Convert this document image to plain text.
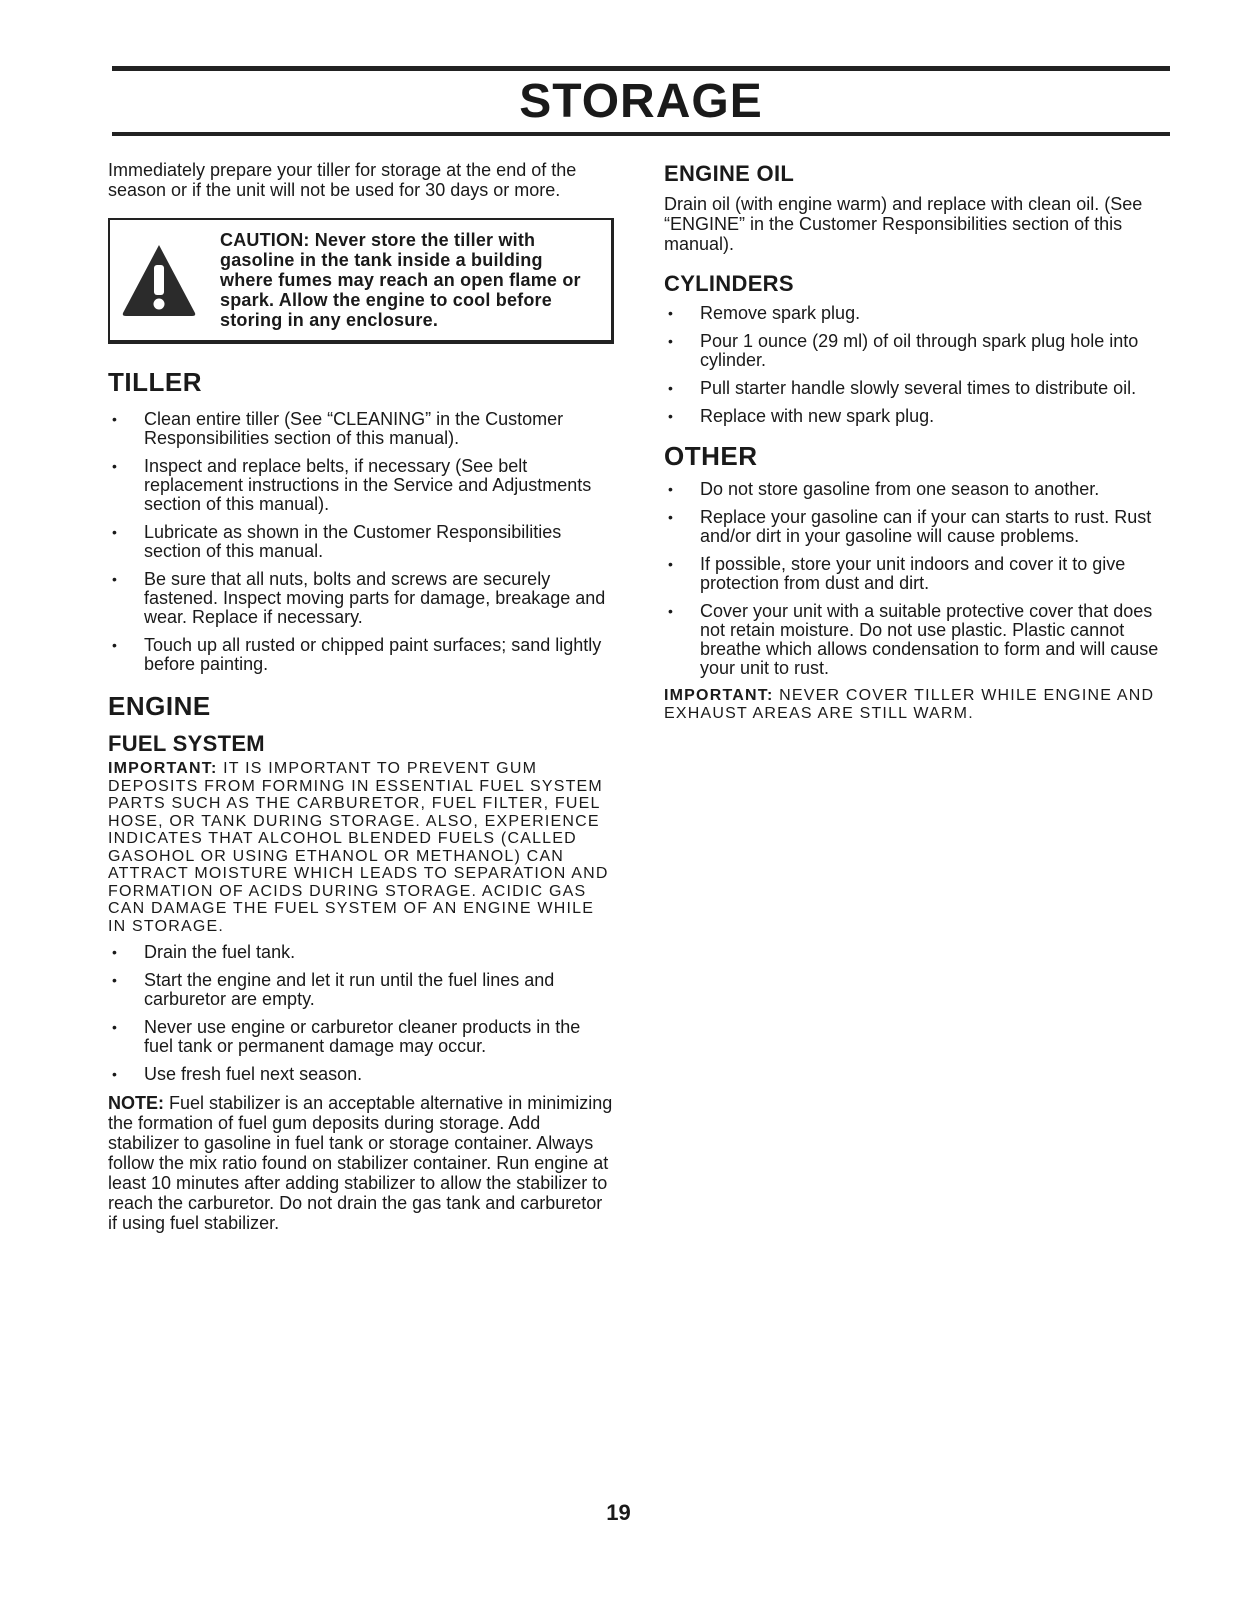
STORAGE

Immediately prepare your tiller for storage at the end of the season or if the unit will not be used for 30 days or more.

CAUTION: Never store the tiller with gasoline in the tank inside a building where fumes may reach an open flame or spark. Allow the engine to cool before storing in any enclosure.
TILLER
• Clean entire tiller (See “CLEANING” in the Customer Responsibilities section of this manual).
• Inspect and replace belts, if necessary (See belt replacement instructions in the Service and Adjustments section of this manual).
• Lubricate as shown in the Customer Responsibilities section of this manual.
• Be sure that all nuts, bolts and screws are securely fastened. Inspect moving parts for damage, breakage and wear. Replace if necessary.
• Touch up all rusted or chipped paint surfaces; sand lightly before painting.
ENGINE
FUEL SYSTEM

IMPORTANT: IT IS IMPORTANT TO PREVENT GUM DEPOSITS FROM FORMING IN ESSENTIAL FUEL SYSTEM PARTS SUCH AS THE CARBURETOR, FUEL FILTER, FUEL HOSE, OR TANK DURING STORAGE. ALSO, EXPERIENCE INDICATES THAT ALCOHOL BLENDED FUELS (CALLED GASOHOL OR USING ETHANOL OR METHANOL) CAN ATTRACT MOISTURE WHICH LEADS TO SEPARATION AND FORMATION OF ACIDS DURING STORAGE. ACIDIC GAS CAN DAMAGE THE FUEL SYSTEM OF AN ENGINE WHILE IN STORAGE.

• Drain the fuel tank.
• Start the engine and let it run until the fuel lines and carburetor are empty.
• Never use engine or carburetor cleaner products in the fuel tank or permanent damage may occur.
• Use fresh fuel next season.

NOTE: Fuel stabilizer is an acceptable alternative in minimizing the formation of fuel gum deposits during storage. Add stabilizer to gasoline in fuel tank or storage container. Always follow the mix ratio found on stabilizer container. Run engine at least 10 minutes after adding stabilizer to allow the stabilizer to reach the carburetor. Do not drain the gas tank and carburetor if using fuel stabilizer.

ENGINE OIL

Drain oil (with engine warm) and replace with clean oil. (See “ENGINE” in the Customer Responsibilities section of this manual).

CYLINDERS
• Remove spark plug.
• Pour 1 ounce (29 ml) of oil through spark plug hole into cylinder.
• Pull starter handle slowly several times to distribute oil.
• Replace with new spark plug.
OTHER
• Do not store gasoline from one season to another.
• Replace your gasoline can if your can starts to rust. Rust and/or dirt in your gasoline will cause problems.
• If possible, store your unit indoors and cover it to give protection from dust and dirt.
• Cover your unit with a suitable protective cover that does not retain moisture. Do not use plastic. Plastic cannot breathe which allows condensation to form and will cause your unit to rust.

IMPORTANT: NEVER COVER TILLER WHILE ENGINE AND EXHAUST AREAS ARE STILL WARM.

19
